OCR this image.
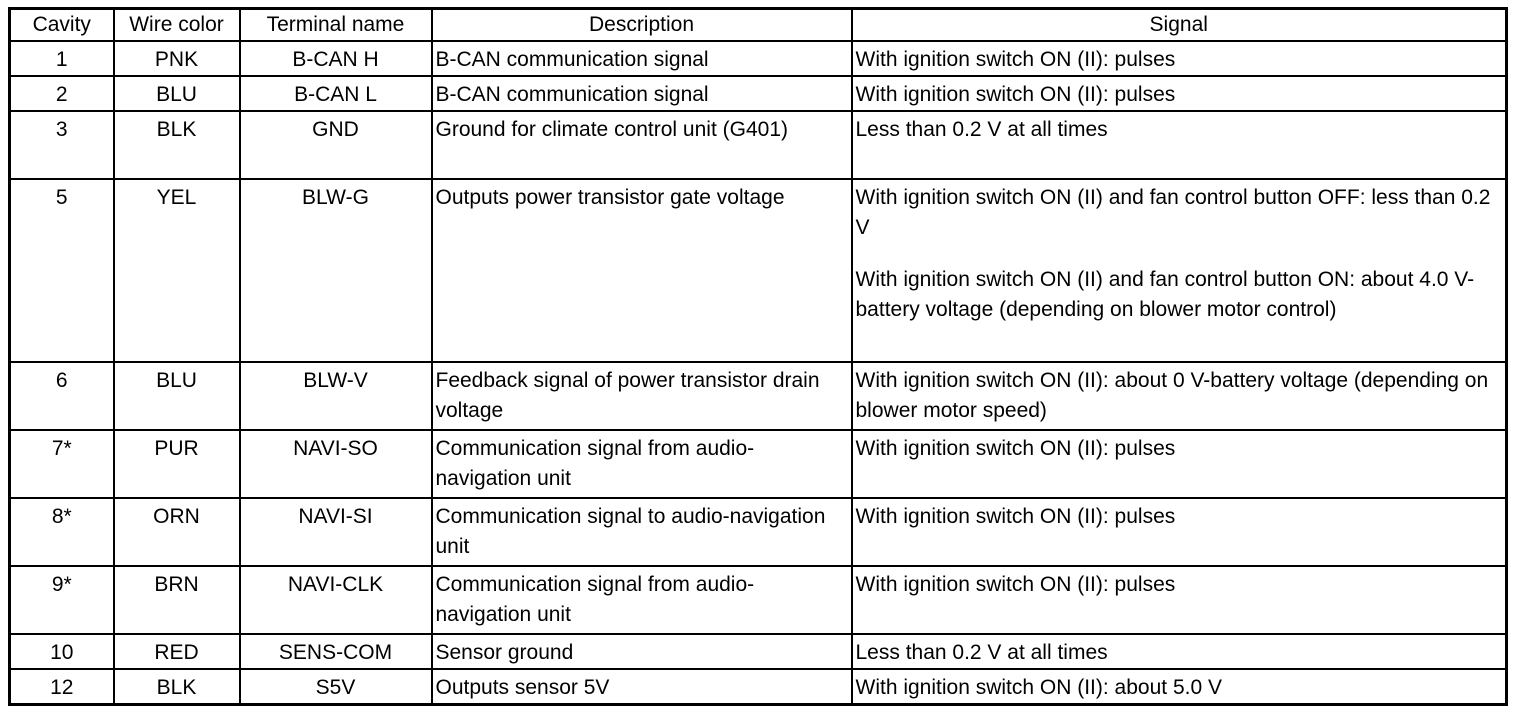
Cavity	Wire color	Terminal name	Description	Signal
1	PNK	B-CAN H	B-CAN communication signal	With ignition switch ON (II): pulses

2	BLU	B-CAN L	B-CAN communication signal	With ignition switch ON (II): pulses

3	BLK	GND	Ground for climate control unit (G401)	Less than 0.2 V at all times

5	YEL	BLW-G	Outputs power transistor gate voltage	With ignition switch ON (II) and fan control button OFF: less than 0.2 V
With ignition switch ON (II) and fan control button ON: about 4.0 V-battery voltage (depending on blower motor control)

6	BLU	BLW-V	Feedback signal of power transistor drain voltage	With ignition switch ON (II): about 0 V-battery voltage (depending on blower motor speed)

7*	PUR	NAVI-SO	Communication signal from audio-navigation unit	With ignition switch ON (II): pulses

8*	ORN	NAVI-SI	Communication signal to audio-navigation unit	With ignition switch ON (II): pulses

9*	BRN	NAVI-CLK	Communication signal from audio-navigation unit	With ignition switch ON (II): pulses

10	RED	SENS-COM	Sensor ground	Less than 0.2 V at all times

12	BLK	S5V	Outputs sensor 5V	With ignition switch ON (II): about 5.0 V
